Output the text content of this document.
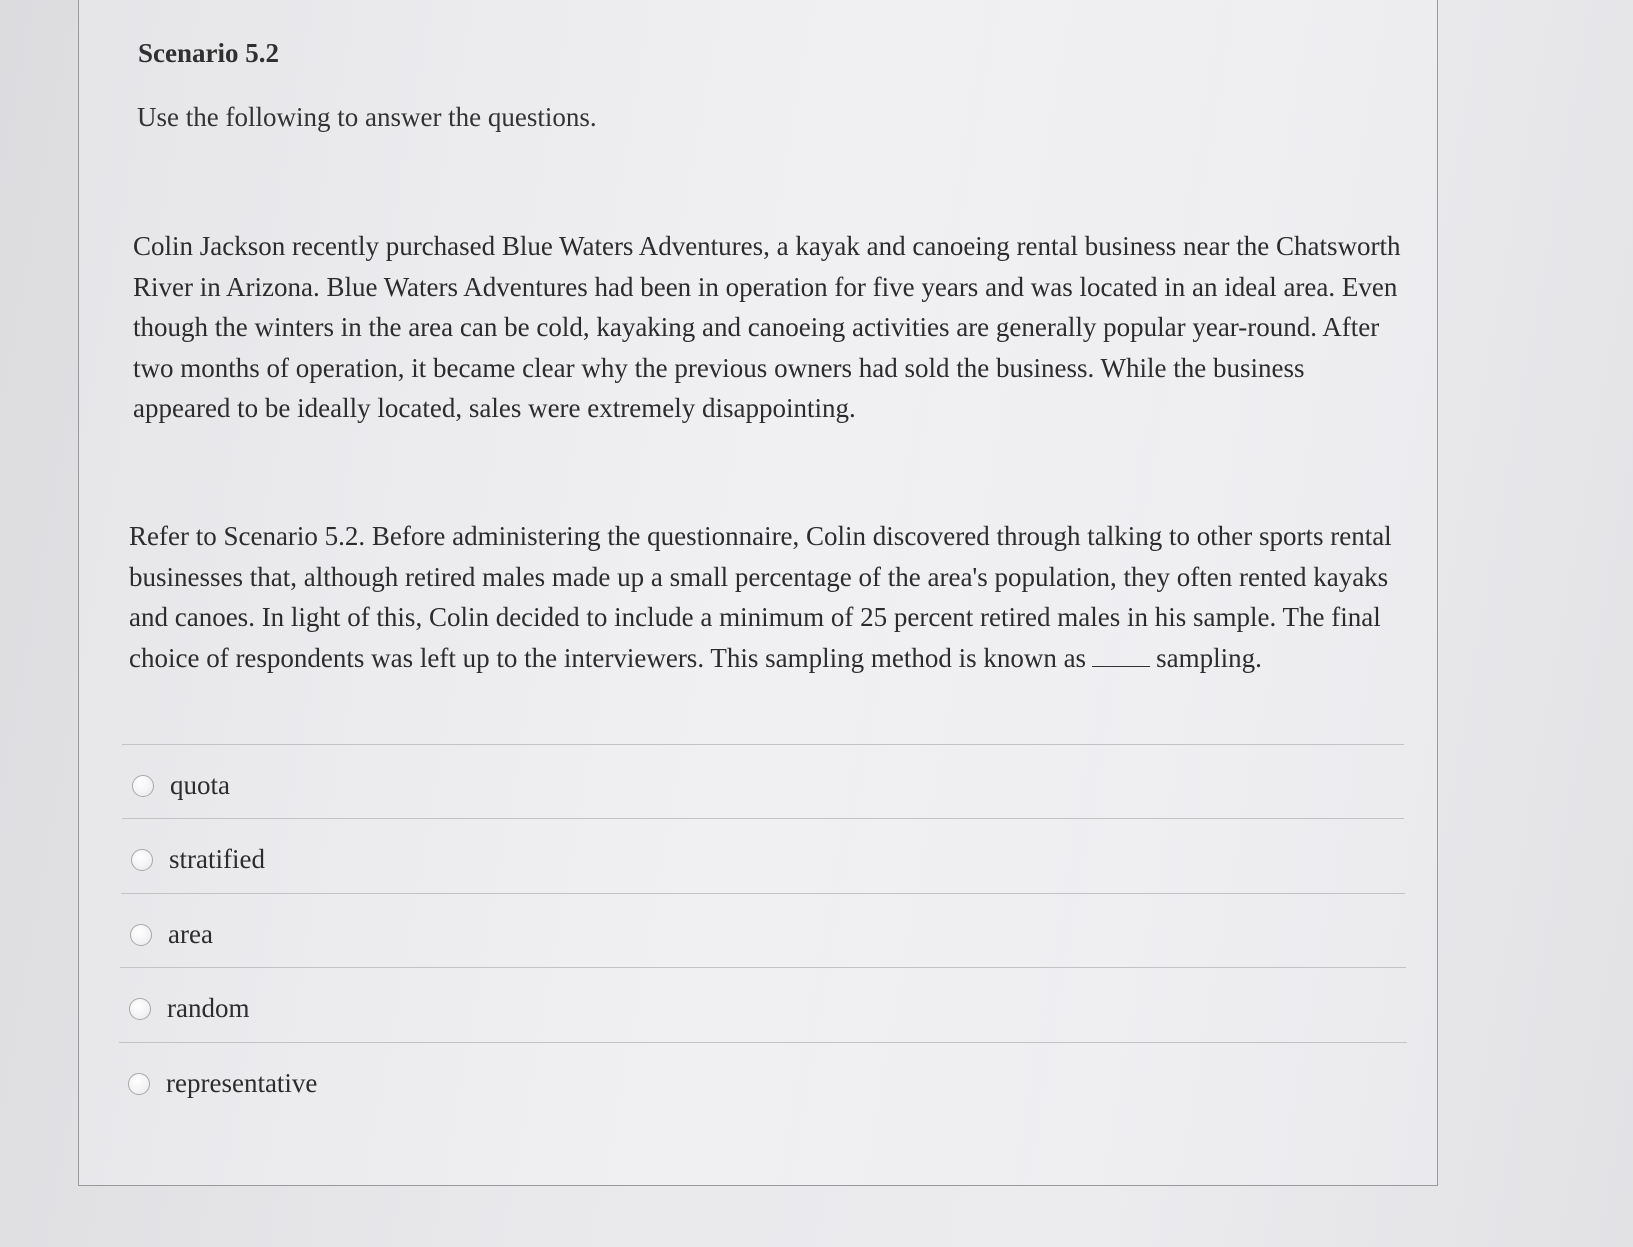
Scenario 5.2

Use the following to answer the questions.

Colin Jackson recently purchased Blue Waters Adventures, a kayak and canoeing rental business near the Chatsworth River in Arizona. Blue Waters Adventures had been in operation for five years and was located in an ideal area. Even though the winters in the area can be cold, kayaking and canoeing activities are generally popular year-round. After two months of operation, it became clear why the previous owners had sold the business. While the business appeared to be ideally located, sales were extremely disappointing.

Refer to Scenario 5.2. Before administering the questionnaire, Colin discovered through talking to other sports rental businesses that, although retired males made up a small percentage of the area's population, they often rented kayaks and canoes. In light of this, Colin decided to include a minimum of 25 percent retired males in his sample. The final choice of respondents was left up to the interviewers. This sampling method is known as	sampling.

quota
stratified
area
random
representative
